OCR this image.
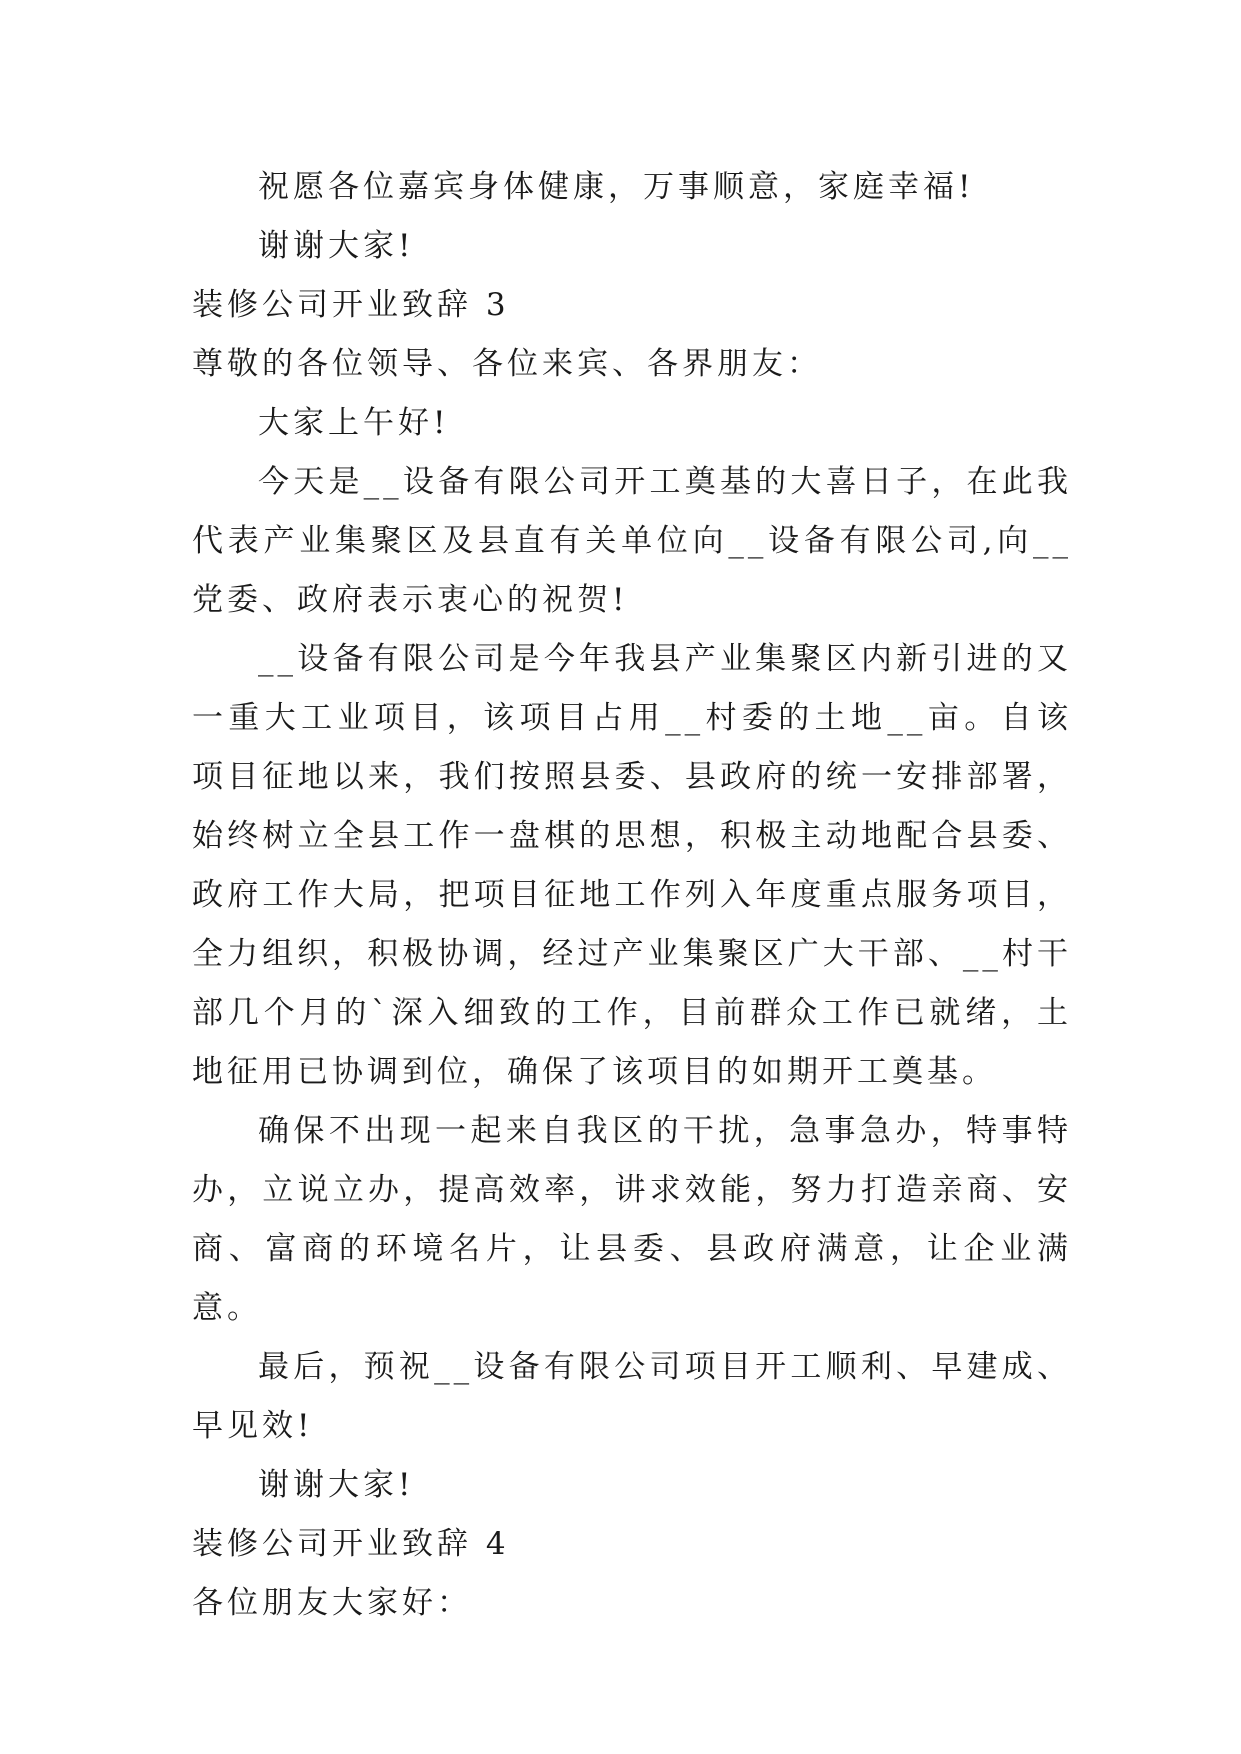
祝愿各位嘉宾身体健康，万事顺意，家庭幸福!

谢谢大家!

装修公司开业致辞 3

尊敬的各位领导、各位来宾、各界朋友：

大家上午好!

今天是__设备有限公司开工奠基的大喜日子，在此我代表产业集聚区及县直有关单位向__设备有限公司,向__党委、政府表示衷心的祝贺!

__设备有限公司是今年我县产业集聚区内新引进的又一重大工业项目，该项目占用__村委的土地__亩。自该项目征地以来，我们按照县委、县政府的统一安排部署，始终树立全县工作一盘棋的思想，积极主动地配合县委、政府工作大局，把项目征地工作列入年度重点服务项目，全力组织，积极协调，经过产业集聚区广大干部、__村干部几个月的`深入细致的工作，目前群众工作已就绪，土地征用已协调到位，确保了该项目的如期开工奠基。

确保不出现一起来自我区的干扰，急事急办，特事特办，立说立办，提高效率，讲求效能，努力打造亲商、安商、富商的环境名片，让县委、县政府满意，让企业满意。

最后，预祝__设备有限公司项目开工顺利、早建成、早见效!

谢谢大家!

装修公司开业致辞 4

各位朋友大家好：
